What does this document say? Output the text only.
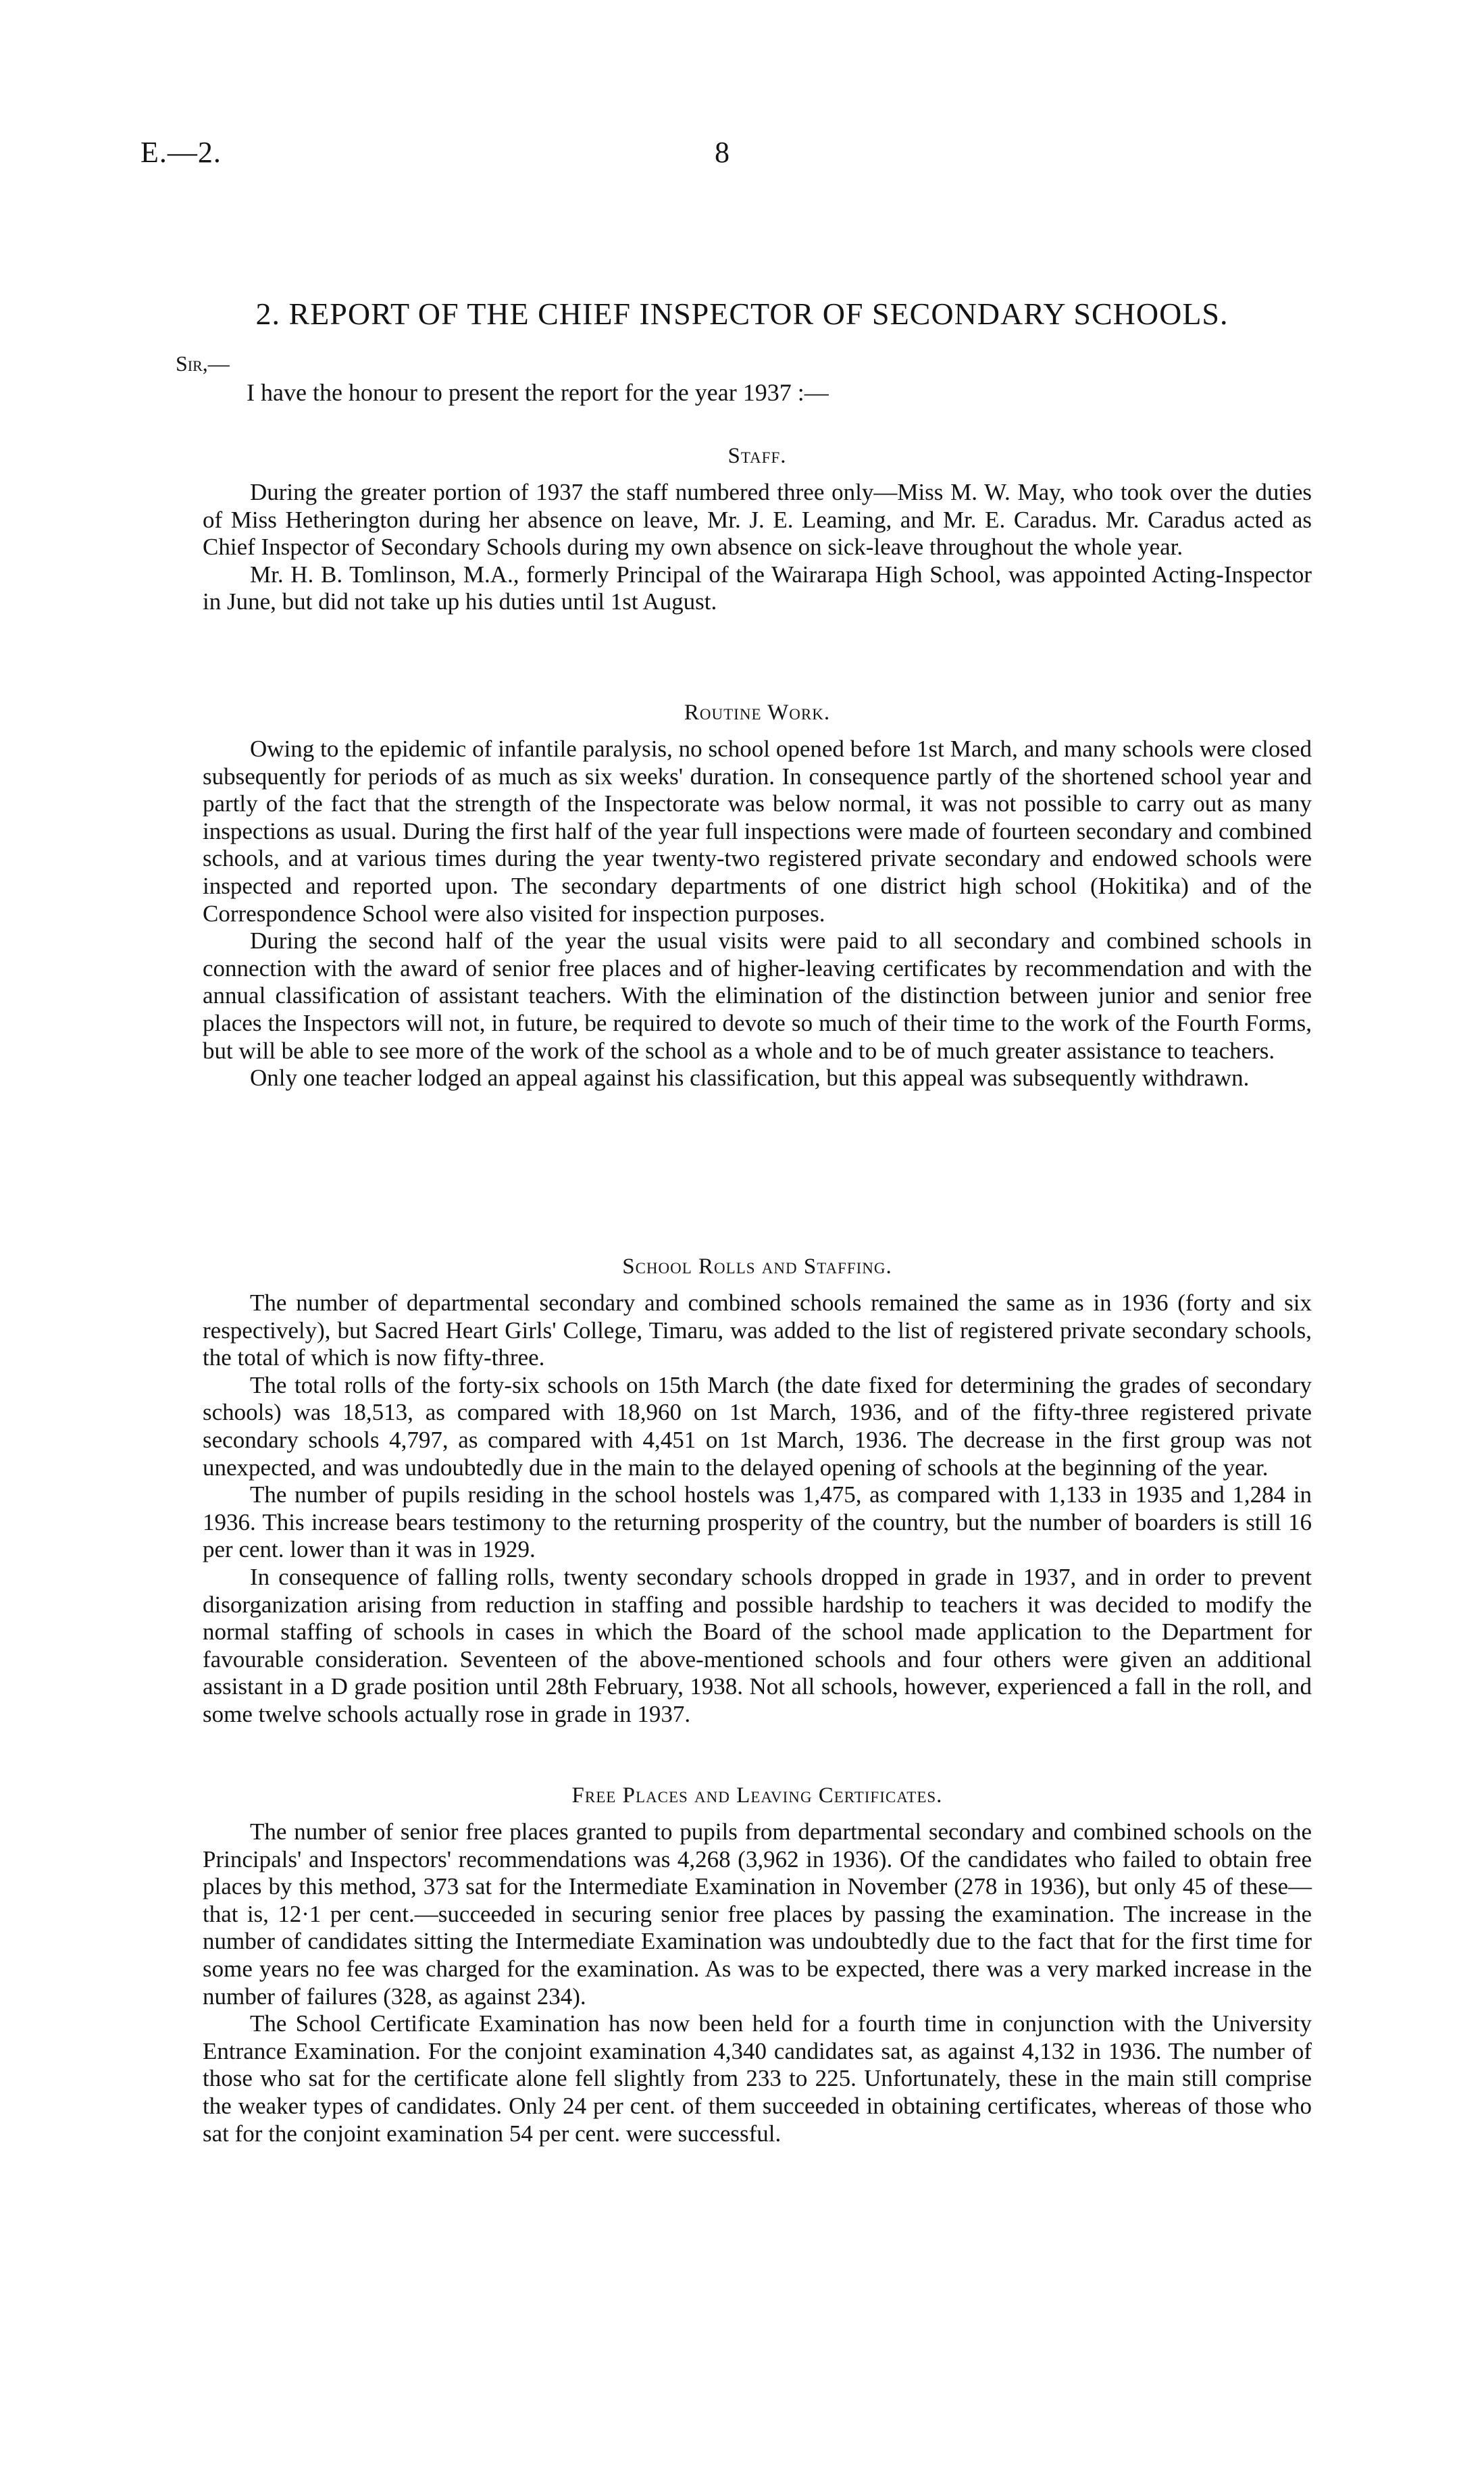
E.—2.	8
2. REPORT OF THE CHIEF INSPECTOR OF SECONDARY SCHOOLS.
Sir,—
I have the honour to present the report for the year 1937 :—
Staff.

During the greater portion of 1937 the staff numbered three only—Miss M. W. May, who took over the duties of Miss Hetherington during her absence on leave, Mr. J. E. Leaming, and Mr. E. Caradus. Mr. Caradus acted as Chief Inspector of Secondary Schools during my own absence on sick-leave throughout the whole year.

Mr. H. B. Tomlinson, M.A., formerly Principal of the Wairarapa High School, was appointed Acting-Inspector in June, but did not take up his duties until 1st August.

Routine Work.

Owing to the epidemic of infantile paralysis, no school opened before 1st March, and many schools were closed subsequently for periods of as much as six weeks' duration. In consequence partly of the shortened school year and partly of the fact that the strength of the Inspectorate was below normal, it was not possible to carry out as many inspections as usual. During the first half of the year full inspections were made of fourteen secondary and combined schools, and at various times during the year twenty-two registered private secondary and endowed schools were inspected and reported upon. The secondary departments of one district high school (Hokitika) and of the Correspondence School were also visited for inspection purposes.

During the second half of the year the usual visits were paid to all secondary and combined schools in connection with the award of senior free places and of higher-leaving certificates by recommendation and with the annual classification of assistant teachers. With the elimination of the distinction between junior and senior free places the Inspectors will not, in future, be required to devote so much of their time to the work of the Fourth Forms, but will be able to see more of the work of the school as a whole and to be of much greater assistance to teachers.

Only one teacher lodged an appeal against his classification, but this appeal was subsequently withdrawn.

School Rolls and Staffing.

The number of departmental secondary and combined schools remained the same as in 1936 (forty and six respectively), but Sacred Heart Girls' College, Timaru, was added to the list of registered private secondary schools, the total of which is now fifty-three.

The total rolls of the forty-six schools on 15th March (the date fixed for determining the grades of secondary schools) was 18,513, as compared with 18,960 on 1st March, 1936, and of the fifty-three registered private secondary schools 4,797, as compared with 4,451 on 1st March, 1936. The decrease in the first group was not unexpected, and was undoubtedly due in the main to the delayed opening of schools at the beginning of the year.

The number of pupils residing in the school hostels was 1,475, as compared with 1,133 in 1935 and 1,284 in 1936. This increase bears testimony to the returning prosperity of the country, but the number of boarders is still 16 per cent. lower than it was in 1929.

In consequence of falling rolls, twenty secondary schools dropped in grade in 1937, and in order to prevent disorganization arising from reduction in staffing and possible hardship to teachers it was decided to modify the normal staffing of schools in cases in which the Board of the school made application to the Department for favourable consideration. Seventeen of the above-mentioned schools and four others were given an additional assistant in a D grade position until 28th February, 1938. Not all schools, however, experienced a fall in the roll, and some twelve schools actually rose in grade in 1937.

Free Places and Leaving Certificates.

The number of senior free places granted to pupils from departmental secondary and combined schools on the Principals' and Inspectors' recommendations was 4,268 (3,962 in 1936). Of the candidates who failed to obtain free places by this method, 373 sat for the Intermediate Examination in November (278 in 1936), but only 45 of these—that is, 12·1 per cent.—succeeded in securing senior free places by passing the examination. The increase in the number of candidates sitting the Intermediate Examination was undoubtedly due to the fact that for the first time for some years no fee was charged for the examination. As was to be expected, there was a very marked increase in the number of failures (328, as against 234).

The School Certificate Examination has now been held for a fourth time in conjunction with the University Entrance Examination. For the conjoint examination 4,340 candidates sat, as against 4,132 in 1936. The number of those who sat for the certificate alone fell slightly from 233 to 225. Unfortunately, these in the main still comprise the weaker types of candidates. Only 24 per cent. of them succeeded in obtaining certificates, whereas of those who sat for the conjoint examination 54 per cent. were successful.
